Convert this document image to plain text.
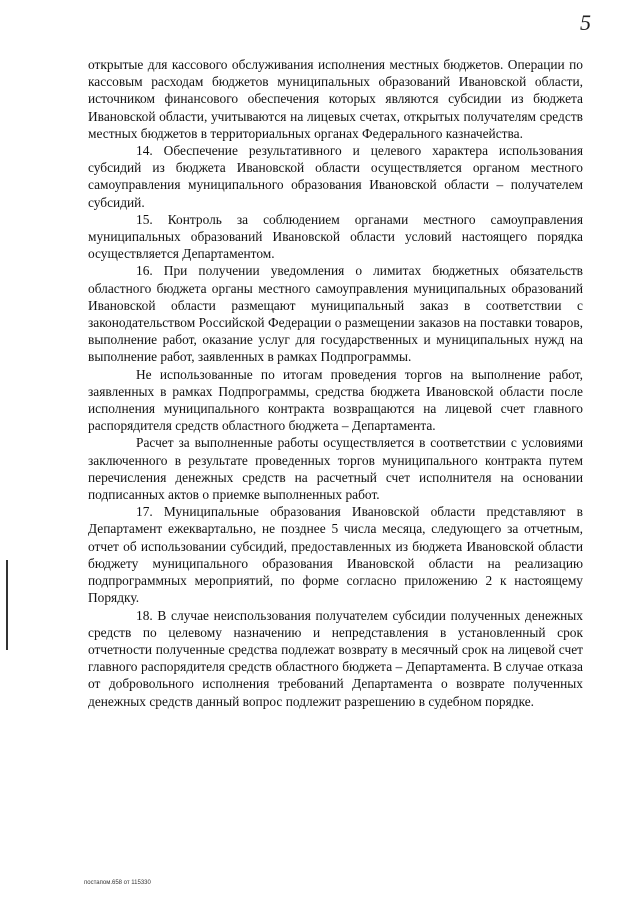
5

открытые для кассового обслуживания исполнения местных бюджетов. Операции по кассовым расходам бюджетов муниципальных образований Ивановской области, источником финансового обеспечения которых являются субсидии из бюджета Ивановской области, учитываются на лицевых счетах, открытых получателям средств местных бюджетов в территориальных органах Федерального казначейства.

14. Обеспечение результативного и целевого характера использования субсидий из бюджета Ивановской области осуществляется органом местного самоуправления муниципального образования Ивановской области – получателем субсидий.

15. Контроль за соблюдением органами местного самоуправления муниципальных образований Ивановской области условий настоящего порядка осуществляется Департаментом.

16. При получении уведомления о лимитах бюджетных обязательств областного бюджета органы местного самоуправления муниципальных образований Ивановской области размещают муниципальный заказ в соответствии с законодательством Российской Федерации о размещении заказов на поставки товаров, выполнение работ, оказание услуг для государственных и муниципальных нужд на выполнение работ, заявленных в рамках Подпрограммы.

Не использованные по итогам проведения торгов на выполнение работ, заявленных в рамках Подпрограммы, средства бюджета Ивановской области после исполнения муниципального контракта возвращаются на лицевой счет главного распорядителя средств областного бюджета – Департамента.

Расчет за выполненные работы осуществляется в соответствии с условиями заключенного в результате проведенных торгов муниципального контракта путем перечисления денежных средств на расчетный счет исполнителя на основании подписанных актов о приемке выполненных работ.

17. Муниципальные образования Ивановской области представляют в Департамент ежеквартально, не позднее 5 числа месяца, следующего за отчетным, отчет об использовании субсидий, предоставленных из бюджета Ивановской области бюджету муниципального образования Ивановской области на реализацию подпрограммных мероприятий, по форме согласно приложению 2 к настоящему Порядку.

18. В случае неиспользования получателем субсидии полученных денежных средств по целевому назначению и непредставления в установленный срок отчетности полученные средства подлежат возврату в месячный срок на лицевой счет главного распорядителя средств областного бюджета – Департамента. В случае отказа от добровольного исполнения требований Департамента о возврате полученных денежных средств данный вопрос подлежит разрешению в судебном порядке.

постапом.658 от 115330
